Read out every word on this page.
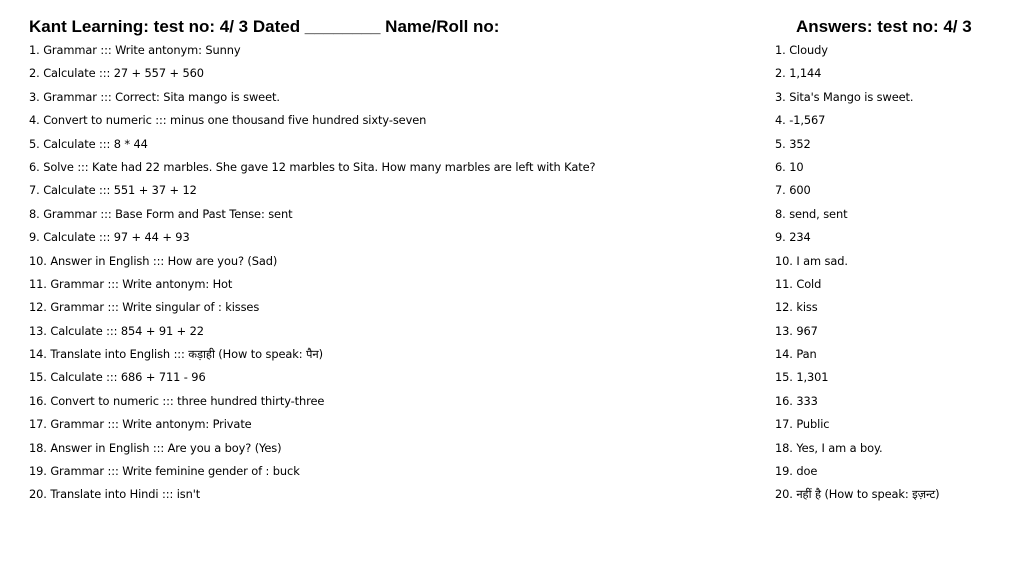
Kant Learning: test no: 4/ 3 Dated ________ Name/Roll no:	Answers: test no: 4/ 3
1. Grammar ::: Write antonym: Sunny
2. Calculate ::: 27 + 557 + 560
3. Grammar ::: Correct: Sita mango is sweet.
4. Convert to numeric ::: minus one thousand five hundred sixty-seven
5. Calculate ::: 8 * 44
6. Solve ::: Kate had 22 marbles. She gave 12 marbles to Sita. How many marbles are left with Kate?
7. Calculate ::: 551 + 37 + 12
8. Grammar ::: Base Form and Past Tense: sent
9. Calculate ::: 97 + 44 + 93
10. Answer in English ::: How are you? (Sad)
11. Grammar ::: Write antonym: Hot
12. Grammar ::: Write singular of : kisses
13. Calculate ::: 854 + 91 + 22
14. Translate into English ::: कड़ाही (How to speak: पैन)
15. Calculate ::: 686 + 711 - 96
16. Convert to numeric ::: three hundred thirty-three
17. Grammar ::: Write antonym: Private
18. Answer in English ::: Are you a boy? (Yes)
19. Grammar ::: Write feminine gender of : buck
20. Translate into Hindi ::: isn't
1. Cloudy
2. 1,144
3. Sita's Mango is sweet.
4. -1,567
5. 352
6. 10
7. 600
8. send, sent
9. 234
10. I am sad.
11. Cold
12. kiss
13. 967
14. Pan
15. 1,301
16. 333
17. Public
18. Yes, I am a boy.
19. doe
20. नहीं है (How to speak: इज़न्ट)
